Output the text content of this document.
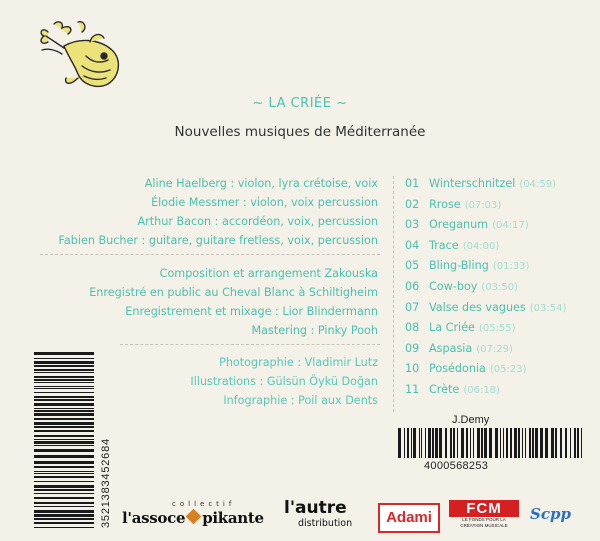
~ LA CRIÉE ~
Nouvelles musiques de Méditerranée
Aline Haelberg : violon, lyra crétoise, voix
Élodie Messmer : violon, voix percussion
Arthur Bacon : accordéon, voix, percussion
Fabien Bucher : guitare, guitare fretless, voix, percussion
Composition et arrangement Zakouska
Enregistré en public au Cheval Blanc à Schiltigheim
Enregistrement et mixage : Lior Blindermann
Mastering : Pinky Pooh
Photographie : Vladimir Lutz
Illustrations : Gülsün Öykü Doğan
Infographie : Poil aux Dents
01 Winterschnitzel (04:59)
02 Rrose (07:03)
03 Oreganum (04:17)
04 Trace (04:00)
05 Bling-Bling (01:33)
06 Cow-boy (03:50)
07 Valse des vagues (03:54)
08 La Criée (05:55)
09 Aspasia (07:29)
10 Posédonia (05:23)
11 Crète (06:18)
J.Demy
4000568253
3521383452684	collectif
l'assoce pikante l'autre
distribution	Adami
FCM
LE FONDS POUR LA
CRÉATION MUSICALE
Scpp
